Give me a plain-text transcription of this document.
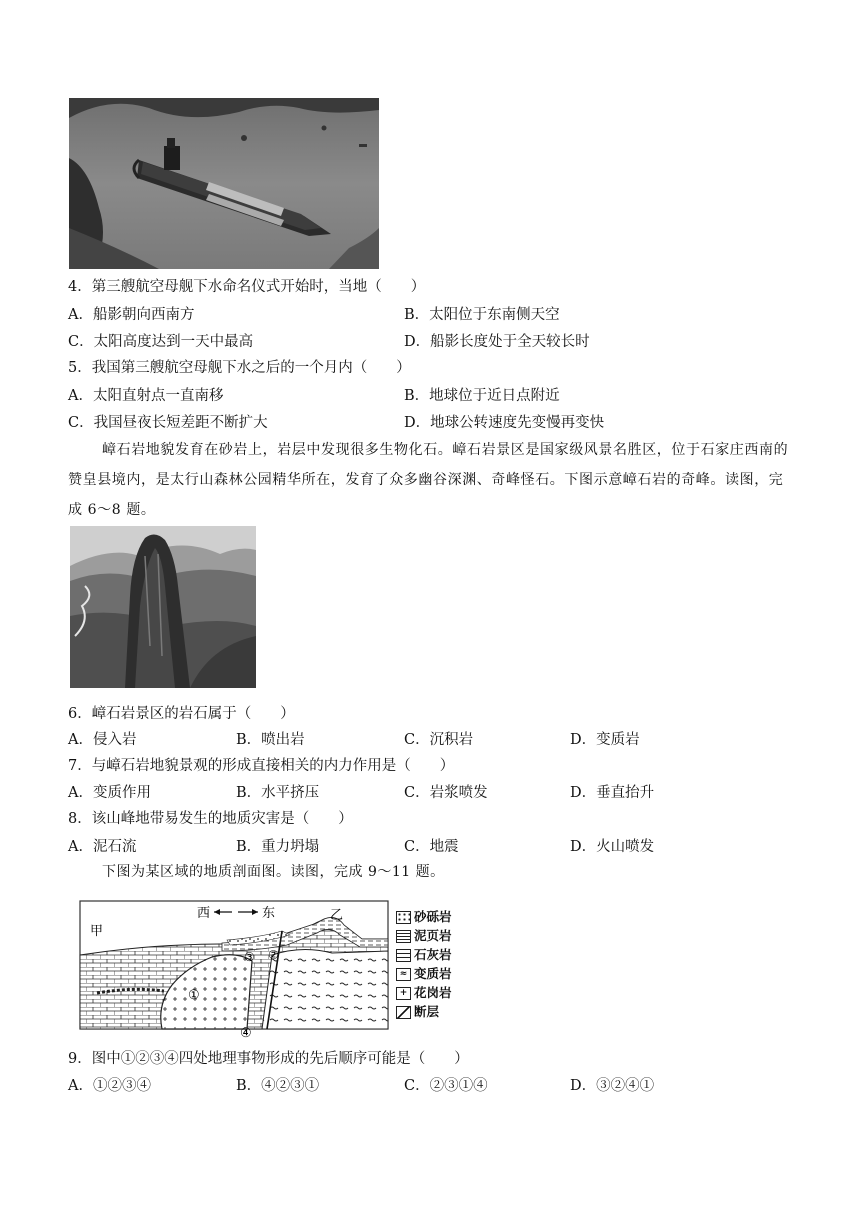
4．第三艘航空母舰下水命名仪式开始时，当地（　　）
A．船影朝向西南方	B．太阳位于东南侧天空
C．太阳高度达到一天中最高	D．船影长度处于全天较长时
5．我国第三艘航空母舰下水之后的一个月内（　　）
A．太阳直射点一直南移	B．地球位于近日点附近
C．我国昼夜长短差距不断扩大	D．地球公转速度先变慢再变快
嶂石岩地貌发育在砂岩上，岩层中发现很多生物化石。嶂石岩景区是国家级风景名胜区，位于石家庄西南的赞皇县境内，是太行山森林公园精华所在，发育了众多幽谷深渊、奇峰怪石。下图示意嶂石岩的奇峰。读图，完成 6～8 题。
6．嶂石岩景区的岩石属于（　　）
A．侵入岩	B．喷出岩	C．沉积岩	D．变质岩
7．与嶂石岩地貌景观的形成直接相关的内力作用是（　　）
A．变质作用	B．水平挤压	C．岩浆喷发	D．垂直抬升
8．该山峰地带易发生的地质灾害是（　　）
A．泥石流	B．重力坍塌	C．地震	D．火山喷发
下图为某区域的地质剖面图。读图，完成 9～11 题。
西	东
甲
乙
①
②
③
④
砂砾岩
泥页岩
石灰岩
≈ 变质岩
+ 花岗岩
断层
9．图中①②③④四处地理事物形成的先后顺序可能是（　　）
A．①②③④	B．④②③①	C．②③①④	D．③②④①
